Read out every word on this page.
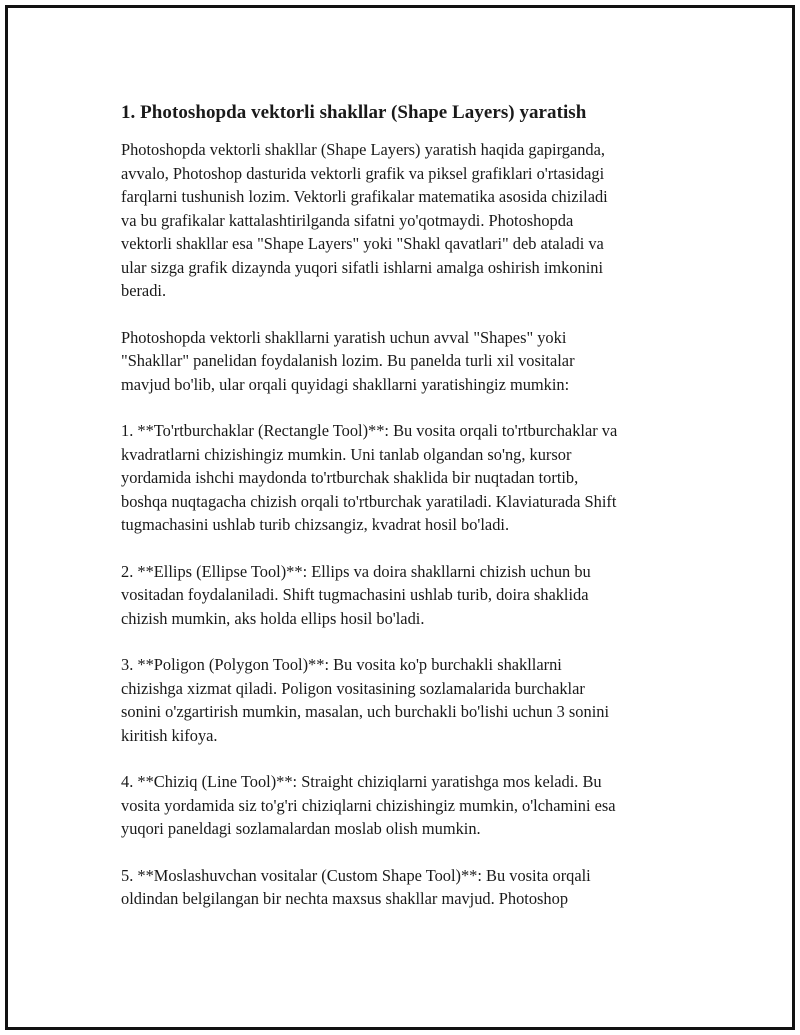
1. Photoshopda vektorli shakllar (Shape Layers) yaratish

Photoshopda vektorli shakllar (Shape Layers) yaratish haqida gapirganda,
avvalo, Photoshop dasturida vektorli grafik va piksel grafiklari o'rtasidagi
farqlarni tushunish lozim. Vektorli grafikalar matematika asosida chiziladi
va bu grafikalar kattalashtirilganda sifatni yo'qotmaydi. Photoshopda
vektorli shakllar esa "Shape Layers" yoki "Shakl qavatlari" deb ataladi va
ular sizga grafik dizaynda yuqori sifatli ishlarni amalga oshirish imkonini
beradi.

Photoshopda vektorli shakllarni yaratish uchun avval "Shapes" yoki
"Shakllar" panelidan foydalanish lozim. Bu panelda turli xil vositalar
mavjud bo'lib, ular orqali quyidagi shakllarni yaratishingiz mumkin:

1. **To'rtburchaklar (Rectangle Tool)**: Bu vosita orqali to'rtburchaklar va
kvadratlarni chizishingiz mumkin. Uni tanlab olgandan so'ng, kursor
yordamida ishchi maydonda to'rtburchak shaklida bir nuqtadan tortib,
boshqa nuqtagacha chizish orqali to'rtburchak yaratiladi. Klaviaturada Shift
tugmachasini ushlab turib chizsangiz, kvadrat hosil bo'ladi.

2. **Ellips (Ellipse Tool)**: Ellips va doira shakllarni chizish uchun bu
vositadan foydalaniladi. Shift tugmachasini ushlab turib, doira shaklida
chizish mumkin, aks holda ellips hosil bo'ladi.

3. **Poligon (Polygon Tool)**: Bu vosita ko'p burchakli shakllarni
chizishga xizmat qiladi. Poligon vositasining sozlamalarida burchaklar
sonini o'zgartirish mumkin, masalan, uch burchakli bo'lishi uchun 3 sonini
kiritish kifoya.

4. **Chiziq (Line Tool)**: Straight chiziqlarni yaratishga mos keladi. Bu
vosita yordamida siz to'g'ri chiziqlarni chizishingiz mumkin, o'lchamini esa
yuqori paneldagi sozlamalardan moslab olish mumkin.

5. **Moslashuvchan vositalar (Custom Shape Tool)**: Bu vosita orqali
oldindan belgilangan bir nechta maxsus shakllar mavjud. Photoshop
